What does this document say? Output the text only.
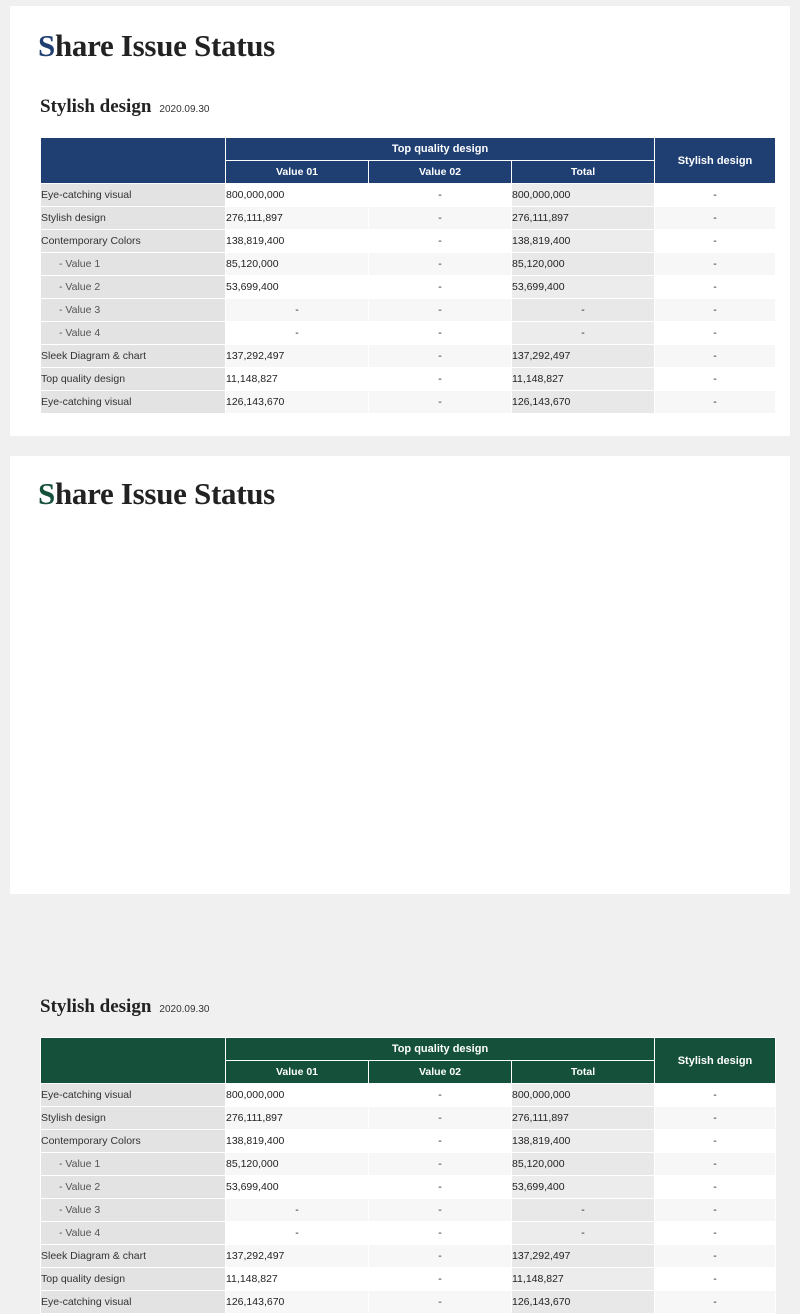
Share Issue Status
Stylish design 2020.09.30
	Top quality design			Stylish design
	Value 01	Value 02	Total	
Eye-catching visual	800,000,000	-	800,000,000	-
Stylish design	276,111,897	-	276,111,897	-
Contemporary Colors	138,819,400	-	138,819,400	-
- Value 1	85,120,000	-	85,120,000	-
- Value 2	53,699,400	-	53,699,400	-
- Value 3	-	-	-	-
- Value 4	-	-	-	-
Sleek Diagram & chart	137,292,497	-	137,292,497	-
Top quality design	11,148,827	-	11,148,827	-
Eye-catching visual	126,143,670	-	126,143,670	-
Share Issue Status
Stylish design 2020.09.30
	Top quality design			Stylish design
	Value 01	Value 02	Total	
Eye-catching visual	800,000,000	-	800,000,000	-
Stylish design	276,111,897	-	276,111,897	-
Contemporary Colors	138,819,400	-	138,819,400	-
- Value 1	85,120,000	-	85,120,000	-
- Value 2	53,699,400	-	53,699,400	-
- Value 3	-	-	-	-
- Value 4	-	-	-	-
Sleek Diagram & chart	137,292,497	-	137,292,497	-
Top quality design	11,148,827	-	11,148,827	-
Eye-catching visual	126,143,670	-	126,143,670	-
